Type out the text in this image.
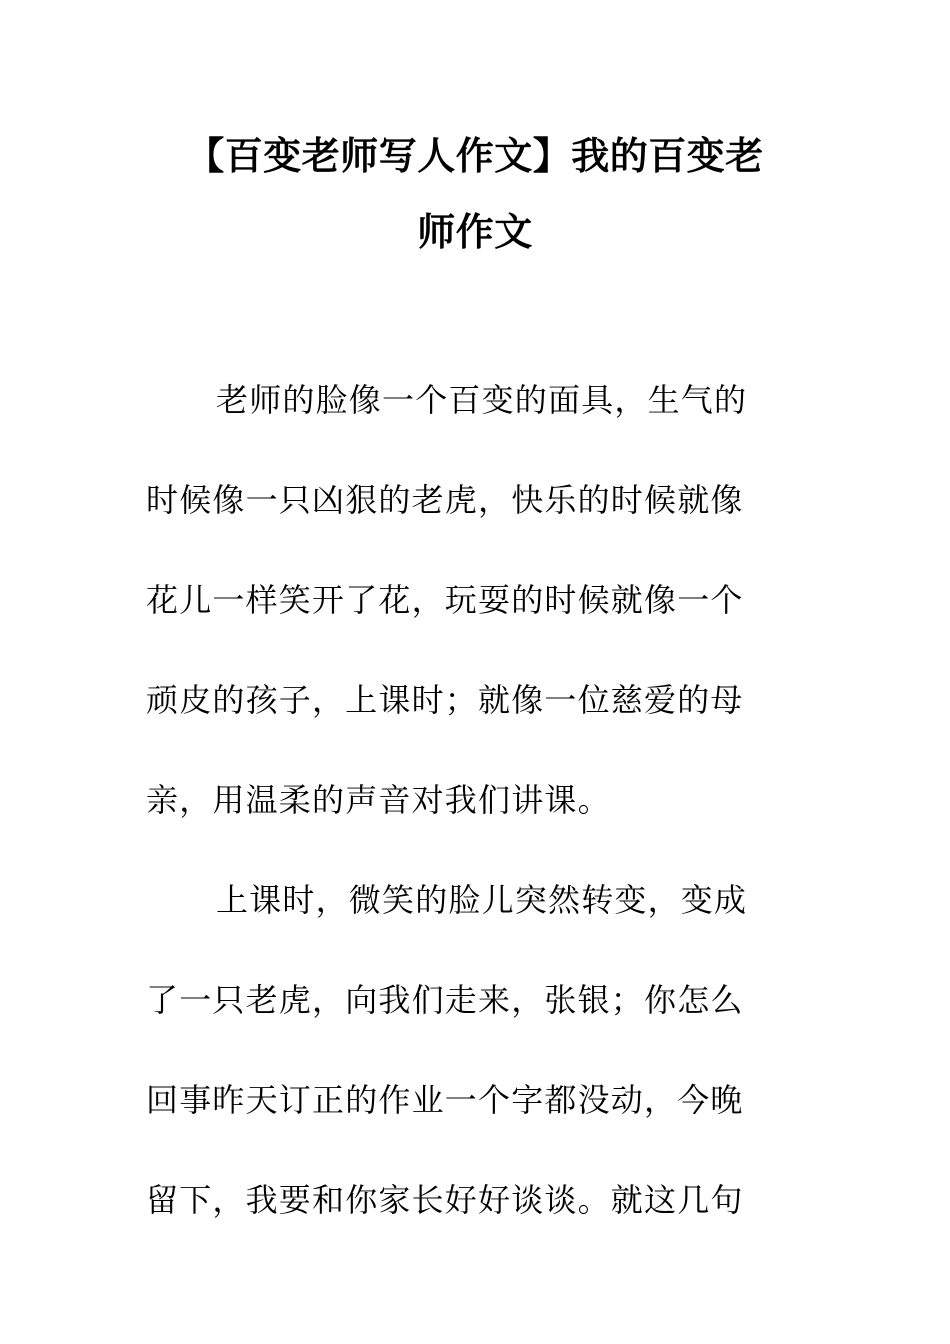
【百变老师写人作文】我的百变老
师作文
老师的脸像一个百变的面具，生气的
时候像一只凶狠的老虎，快乐的时候就像
花儿一样笑开了花，玩耍的时候就像一个
顽皮的孩子，上课时；就像一位慈爱的母
亲，用温柔的声音对我们讲课。
上课时，微笑的脸儿突然转变，变成
了一只老虎，向我们走来，张银；你怎么
回事昨天订正的作业一个字都没动，今晚
留下，我要和你家长好好谈谈。就这几句
